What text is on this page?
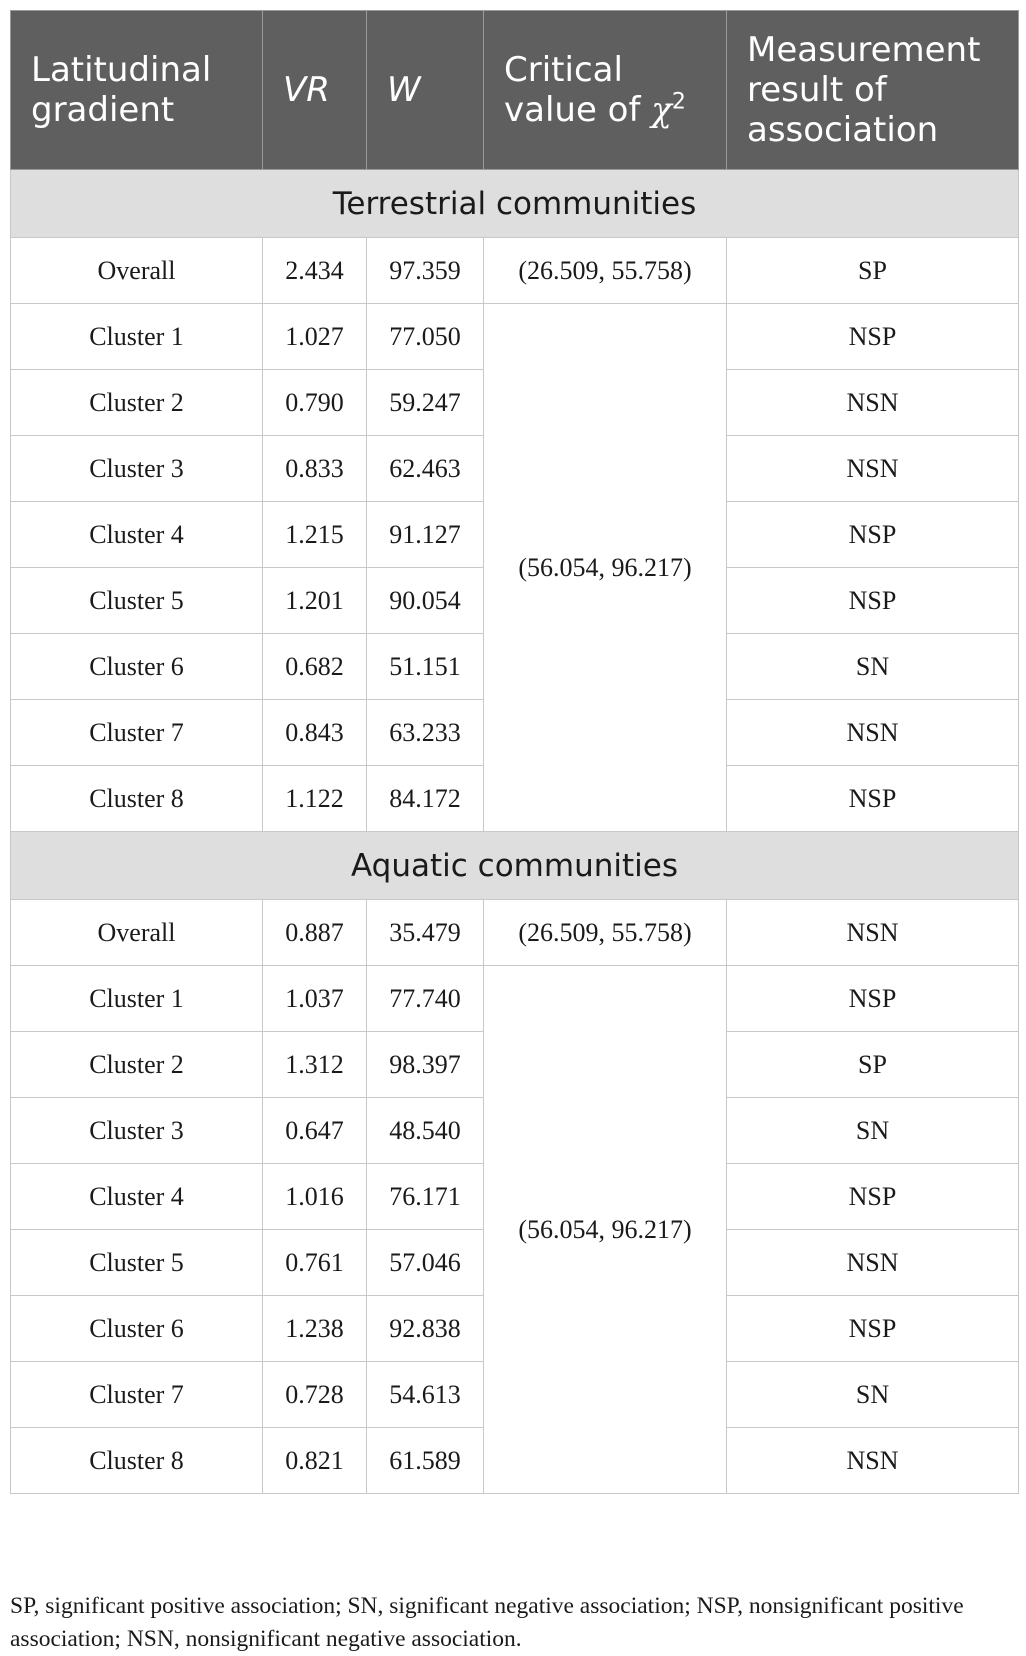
Latitudinal gradient	VR	W	Critical value of $\chi^2$	Measurement result of association
Terrestrial communities				
Overall	2.434	97.359	(26.509, 55.758)	SP
Cluster 1	1.027	77.050	(56.054, 96.217)	NSP
Cluster 2	0.790	59.247		NSN
Cluster 3	0.833	62.463		NSN
Cluster 4	1.215	91.127		NSP
Cluster 5	1.201	90.054		NSP
Cluster 6	0.682	51.151		SN
Cluster 7	0.843	63.233		NSN
Cluster 8	1.122	84.172		NSP
Aquatic communities				
Overall	0.887	35.479	(26.509, 55.758)	NSN
Cluster 1	1.037	77.740	(56.054, 96.217)	NSP
Cluster 2	1.312	98.397		SP
Cluster 3	0.647	48.540		SN
Cluster 4	1.016	76.171		NSP
Cluster 5	0.761	57.046		NSN
Cluster 6	1.238	92.838		NSP
Cluster 7	0.728	54.613		SN
Cluster 8	0.821	61.589		NSN
SP, significant positive association; SN, significant negative association; NSP, nonsignificant positive association; NSN, nonsignificant negative association.
